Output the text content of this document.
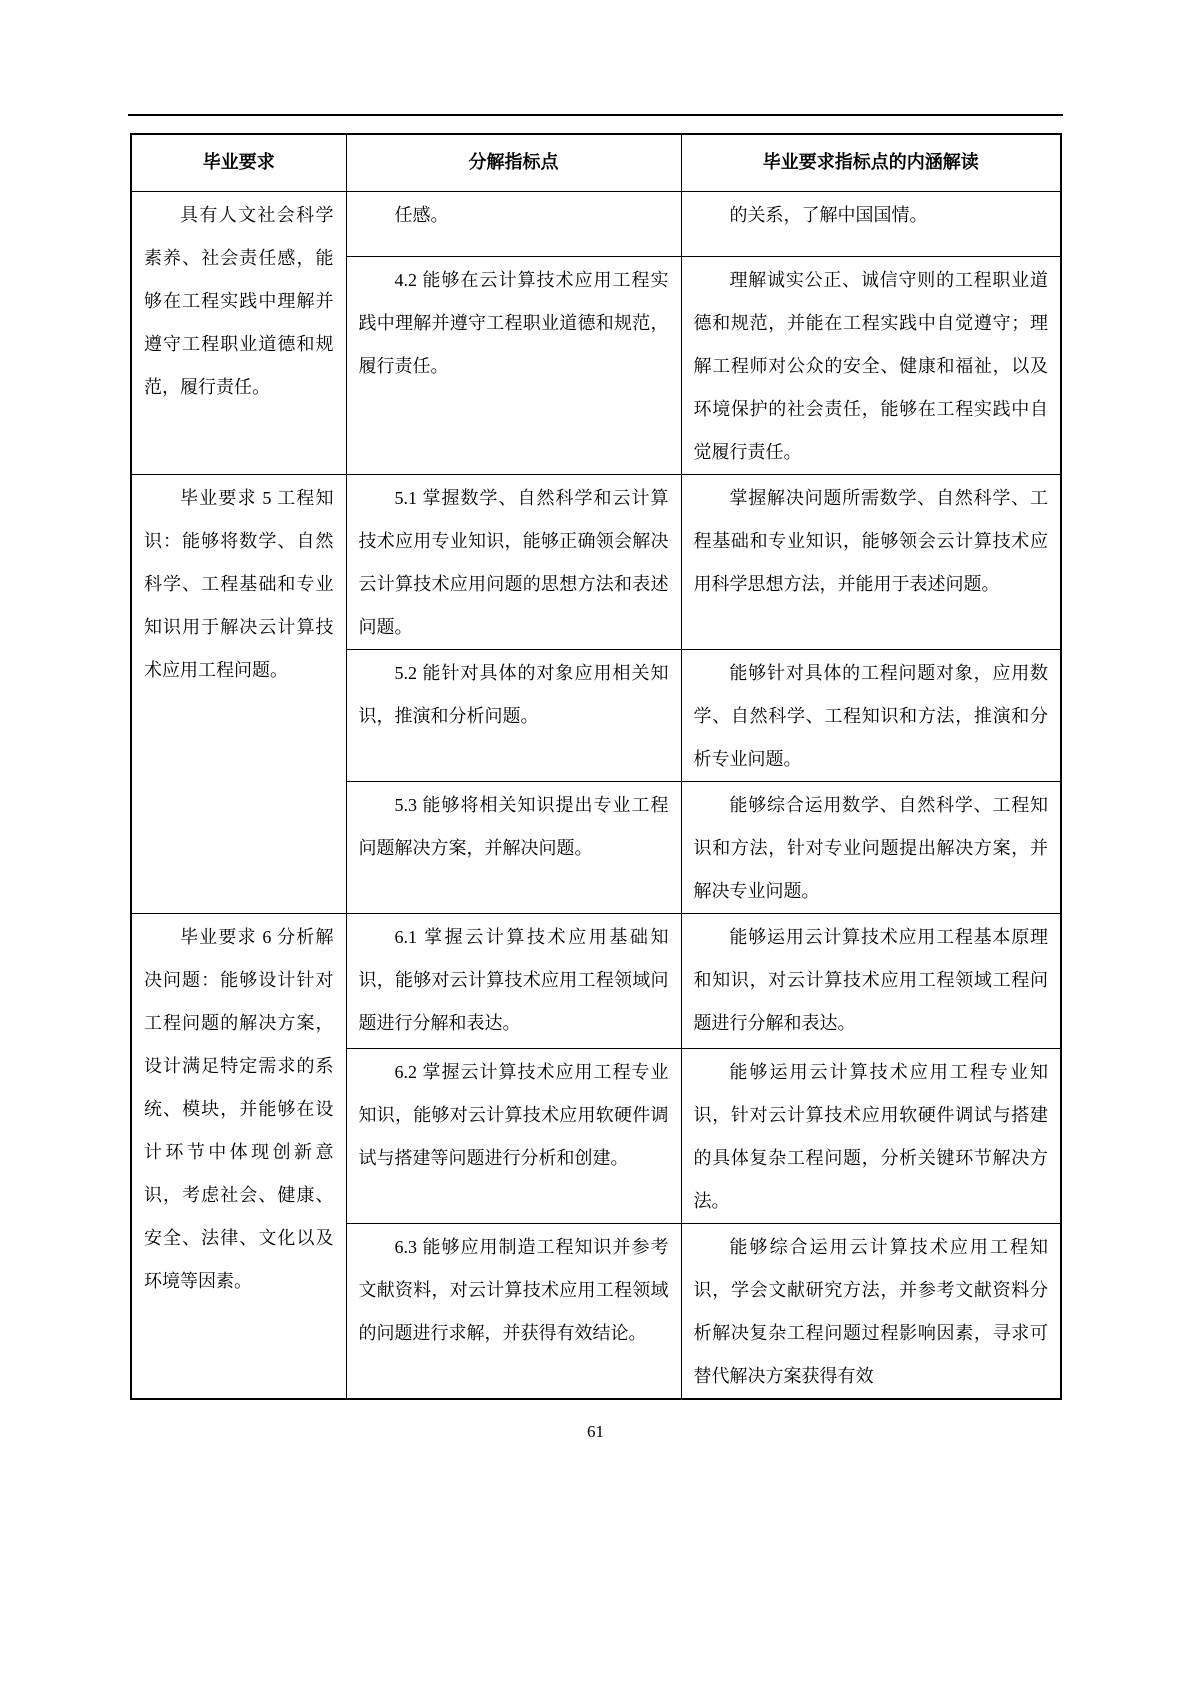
毕业要求	分解指标点	毕业要求指标点的内涵解读
具有人文社会科学素养、社会责任感，能够在工程实践中理解并遵守工程职业道德和规范，履行责任。	任感。	的关系，了解中国国情。
	4.2 能够在云计算技术应用工程实践中理解并遵守工程职业道德和规范，履行责任。	理解诚实公正、诚信守则的工程职业道德和规范，并能在工程实践中自觉遵守；理解工程师对公众的安全、健康和福祉，以及环境保护的社会责任，能够在工程实践中自觉履行责任。
毕业要求 5 工程知识：能够将数学、自然科学、工程基础和专业知识用于解决云计算技术应用工程问题。	5.1 掌握数学、自然科学和云计算技术应用专业知识，能够正确领会解决云计算技术应用问题的思想方法和表述问题。	掌握解决问题所需数学、自然科学、工程基础和专业知识，能够领会云计算技术应用科学思想方法，并能用于表述问题。
	5.2 能针对具体的对象应用相关知识，推演和分析问题。	能够针对具体的工程问题对象，应用数学、自然科学、工程知识和方法，推演和分析专业问题。
	5.3 能够将相关知识提出专业工程问题解决方案，并解决问题。	能够综合运用数学、自然科学、工程知识和方法，针对专业问题提出解决方案，并解决专业问题。
毕业要求 6 分析解决问题：能够设计针对工程问题的解决方案，设计满足特定需求的系统、模块，并能够在设计环节中体现创新意识，考虑社会、健康、安全、法律、文化以及环境等因素。	6.1 掌握云计算技术应用基础知识，能够对云计算技术应用工程领域问题进行分解和表达。	能够运用云计算技术应用工程基本原理和知识，对云计算技术应用工程领域工程问题进行分解和表达。
	6.2 掌握云计算技术应用工程专业知识，能够对云计算技术应用软硬件调试与搭建等问题进行分析和创建。	能够运用云计算技术应用工程专业知识，针对云计算技术应用软硬件调试与搭建的具体复杂工程问题，分析关键环节解决方法。
	6.3 能够应用制造工程知识并参考文献资料，对云计算技术应用工程领域的问题进行求解，并获得有效结论。	能够综合运用云计算技术应用工程知识，学会文献研究方法，并参考文献资料分析解决复杂工程问题过程影响因素，寻求可替代解决方案获得有效
61
